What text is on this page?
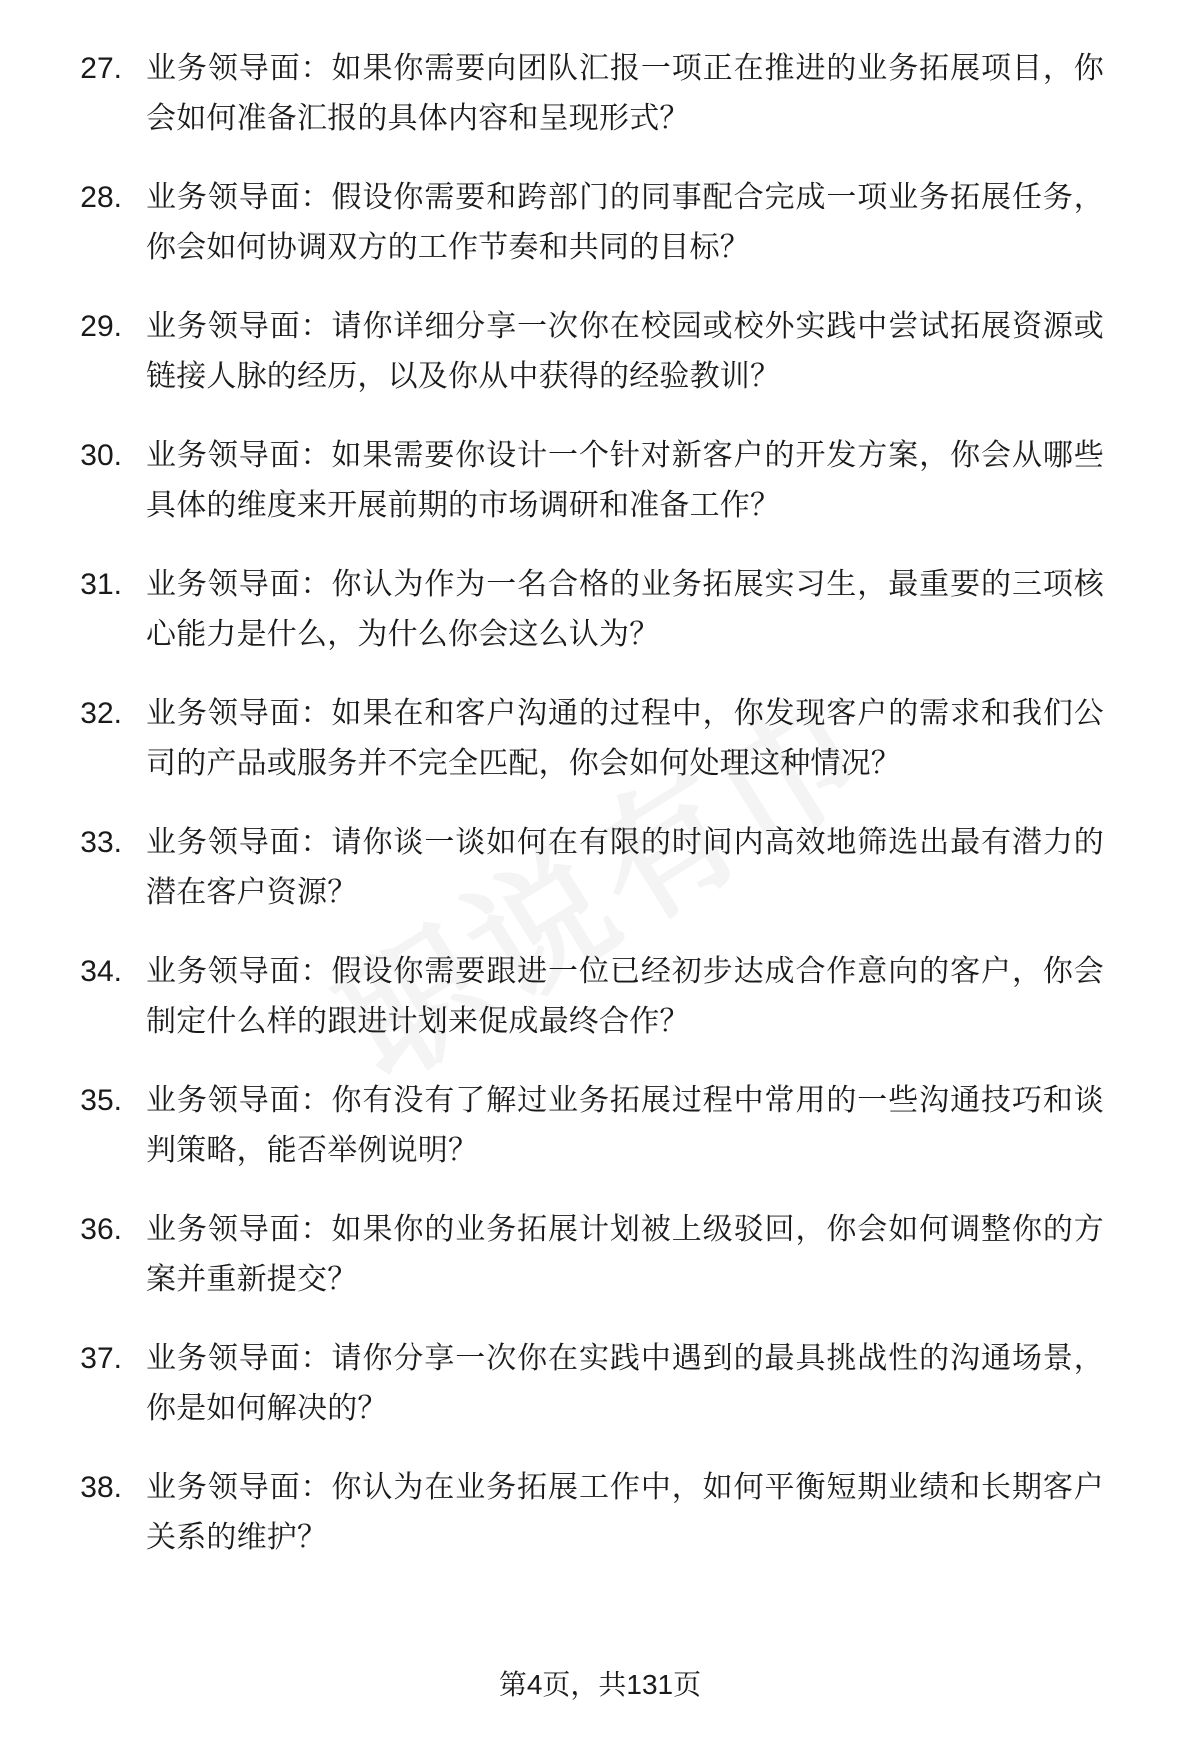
27. 业务领导面：如果你需要向团队汇报一项正在推进的业务拓展项目，你会如何准备汇报的具体内容和呈现形式？
28. 业务领导面：假设你需要和跨部门的同事配合完成一项业务拓展任务，你会如何协调双方的工作节奏和共同的目标？
29. 业务领导面：请你详细分享一次你在校园或校外实践中尝试拓展资源或链接人脉的经历，以及你从中获得的经验教训？
30. 业务领导面：如果需要你设计一个针对新客户的开发方案，你会从哪些具体的维度来开展前期的市场调研和准备工作？
31. 业务领导面：你认为作为一名合格的业务拓展实习生，最重要的三项核心能力是什么，为什么你会这么认为？
32. 业务领导面：如果在和客户沟通的过程中，你发现客户的需求和我们公司的产品或服务并不完全匹配，你会如何处理这种情况？
33. 业务领导面：请你谈一谈如何在有限的时间内高效地筛选出最有潜力的潜在客户资源？
34. 业务领导面：假设你需要跟进一位已经初步达成合作意向的客户，你会制定什么样的跟进计划来促成最终合作？
35. 业务领导面：你有没有了解过业务拓展过程中常用的一些沟通技巧和谈判策略，能否举例说明？
36. 业务领导面：如果你的业务拓展计划被上级驳回，你会如何调整你的方案并重新提交？
37. 业务领导面：请你分享一次你在实践中遇到的最具挑战性的沟通场景，你是如何解决的？
38. 业务领导面：你认为在业务拓展工作中，如何平衡短期业绩和长期客户关系的维护？
第4页，共131页
